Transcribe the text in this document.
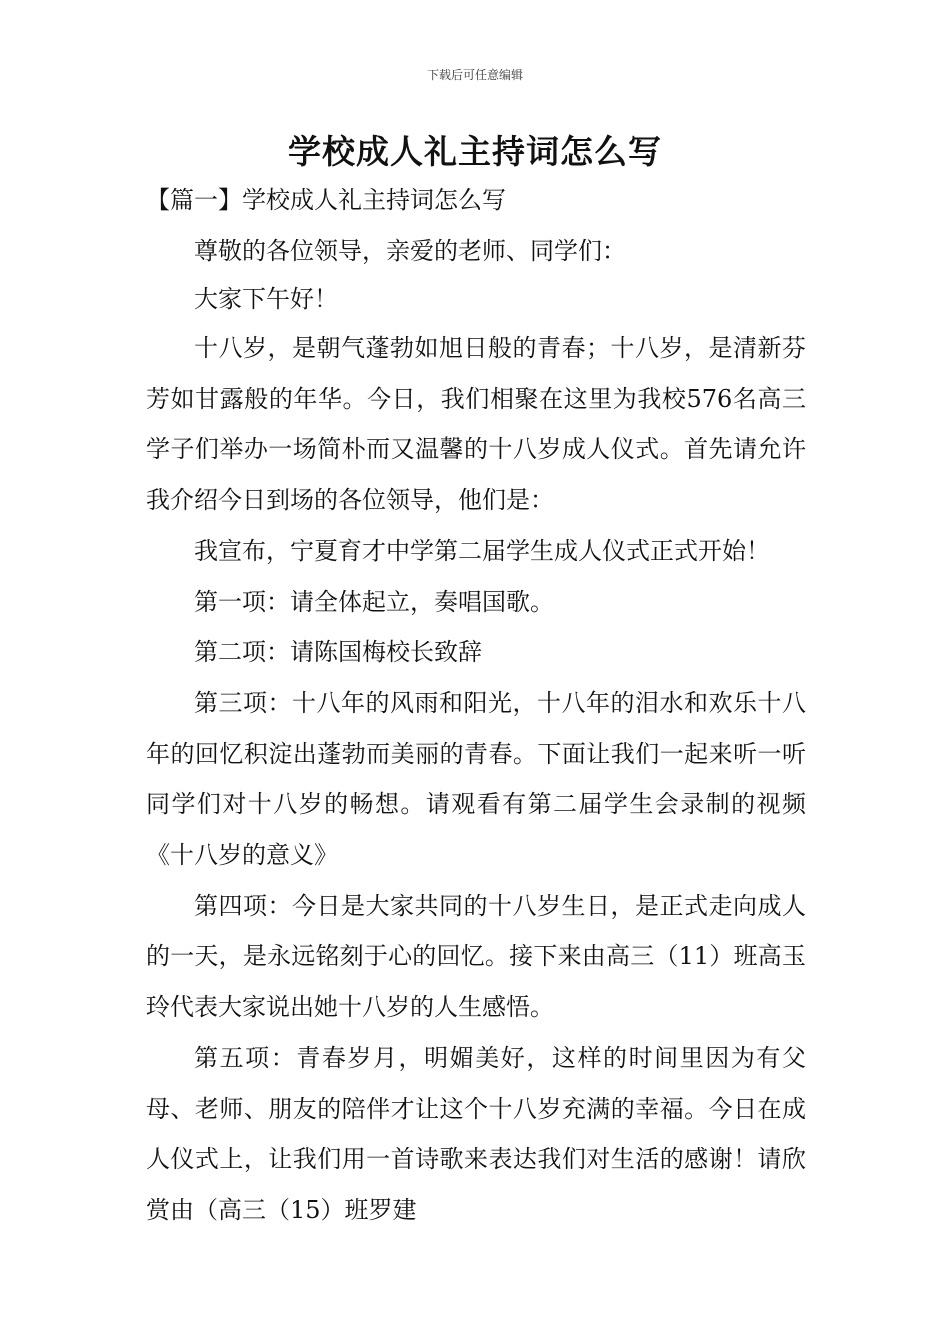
下载后可任意编辑
学校成人礼主持词怎么写
【篇一】学校成人礼主持词怎么写

尊敬的各位领导，亲爱的老师、同学们：

大家下午好！

十八岁，是朝气蓬勃如旭日般的青春；十八岁，是清新芬芳如甘露般的年华。今日，我们相聚在这里为我校576名高三学子们举办一场简朴而又温馨的十八岁成人仪式。首先请允许我介绍今日到场的各位领导，他们是：

我宣布，宁夏育才中学第二届学生成人仪式正式开始！

第一项：请全体起立，奏唱国歌。

第二项：请陈国梅校长致辞

第三项：十八年的风雨和阳光，十八年的泪水和欢乐十八年的回忆积淀出蓬勃而美丽的青春。下面让我们一起来听一听同学们对十八岁的畅想。请观看有第二届学生会录制的视频《十八岁的意义》

第四项：今日是大家共同的十八岁生日，是正式走向成人的一天，是永远铭刻于心的回忆。接下来由高三（11）班高玉玲代表大家说出她十八岁的人生感悟。

第五项：青春岁月，明媚美好，这样的时间里因为有父母、老师、朋友的陪伴才让这个十八岁充满的幸福。今日在成人仪式上，让我们用一首诗歌来表达我们对生活的感谢！请欣赏由（高三（15）班罗建
